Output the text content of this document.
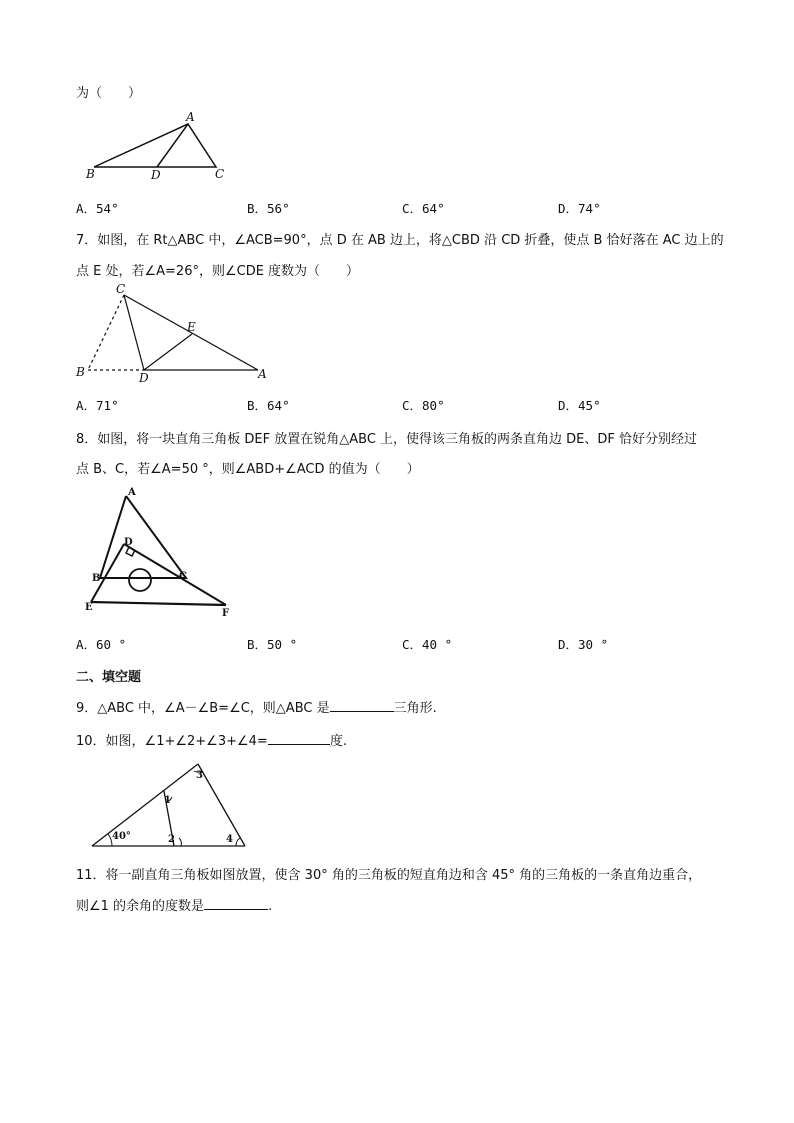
为（　　）
A
B	D	C
A．54°	B．56°	C．64°	D．74°
7．如图，在 Rt△ABC 中，∠ACB=90°，点 D 在 AB 边上，将△CBD 沿 CD 折叠，使点 B 恰好落在 AC 边上的
点 E 处，若∠A=26°，则∠CDE 度数为（　　）
C
E
B	D	A
A．71°	B．64°	C．80°	D．45°
8．如图，将一块直角三角板 DEF 放置在锐角△ABC 上，使得该三角板的两条直角边 DE、DF 恰好分别经过
点 B、C，若∠A=50 °，则∠ABD+∠ACD 的值为（　　）
A
D
B	C
E
F
A．60 °	B．50 °	C．40 °	D．30 °
二、填空题
9．△ABC 中，∠A－∠B=∠C，则△ABC 是	三角形.
10．如图，∠1+∠2+∠3+∠4=	度.
40°
1
2
3
4
11．将一副直角三角板如图放置，使含 30° 角的三角板的短直角边和含 45° 角的三角板的一条直角边重合，
则∠1 的余角的度数是	.
